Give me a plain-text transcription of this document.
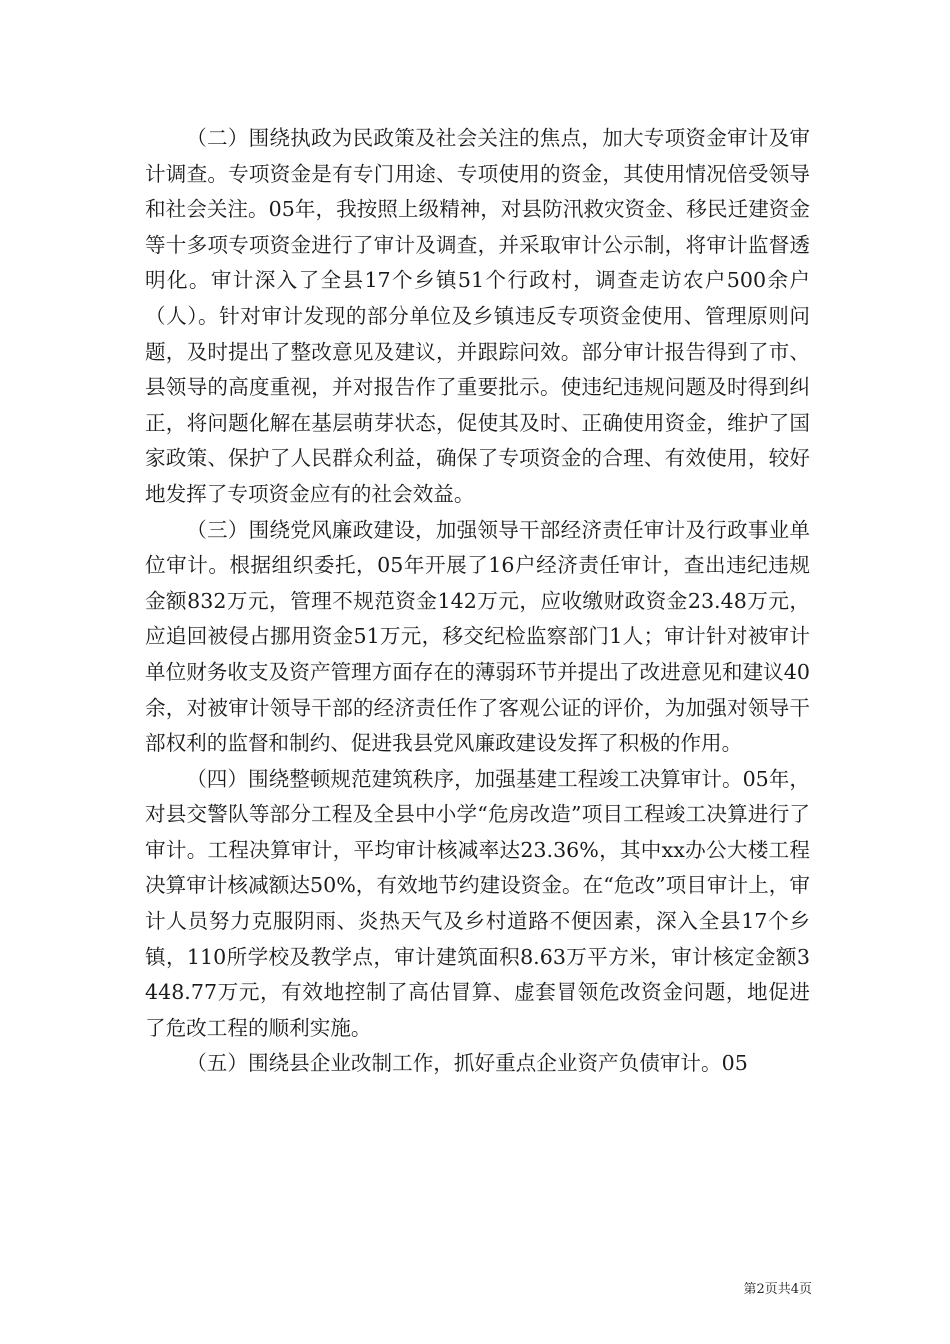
（二）围绕执政为民政策及社会关注的焦点，加大专项资金审计及审计调查。专项资金是有专门用途、专项使用的资金，其使用情况倍受领导和社会关注。05年，我按照上级精神，对县防汛救灾资金、移民迁建资金等十多项专项资金进行了审计及调查，并采取审计公示制，将审计监督透明化。审计深入了全县17个乡镇51个行政村，调查走访农户500余户（人）。针对审计发现的部分单位及乡镇违反专项资金使用、管理原则问题，及时提出了整改意见及建议，并跟踪问效。部分审计报告得到了市、县领导的高度重视，并对报告作了重要批示。使违纪违规问题及时得到纠正，将问题化解在基层萌芽状态，促使其及时、正确使用资金，维护了国家政策、保护了人民群众利益，确保了专项资金的合理、有效使用，较好地发挥了专项资金应有的社会效益。

（三）围绕党风廉政建设，加强领导干部经济责任审计及行政事业单位审计。根据组织委托，05年开展了16户经济责任审计，查出违纪违规金额832万元，管理不规范资金142万元，应收缴财政资金23.48万元，应追回被侵占挪用资金51万元，移交纪检监察部门1人；审计针对被审计单位财务收支及资产管理方面存在的薄弱环节并提出了改进意见和建议40余，对被审计领导干部的经济责任作了客观公证的评价，为加强对领导干部权利的监督和制约、促进我县党风廉政建设发挥了积极的作用。

（四）围绕整顿规范建筑秩序，加强基建工程竣工决算审计。05年，对县交警队等部分工程及全县中小学“危房改造”项目工程竣工决算进行了审计。工程决算审计，平均审计核减率达23.36%，其中xx办公大楼工程决算审计核减额达50%，有效地节约建设资金。在“危改”项目审计上，审计人员努力克服阴雨、炎热天气及乡村道路不便因素，深入全县17个乡镇，110所学校及教学点，审计建筑面积8.63万平方米，审计核定金额3448.77万元，有效地控制了高估冒算、虚套冒领危改资金问题，地促进了危改工程的顺利实施。

（五）围绕县企业改制工作，抓好重点企业资产负债审计。05

第2页共4页
